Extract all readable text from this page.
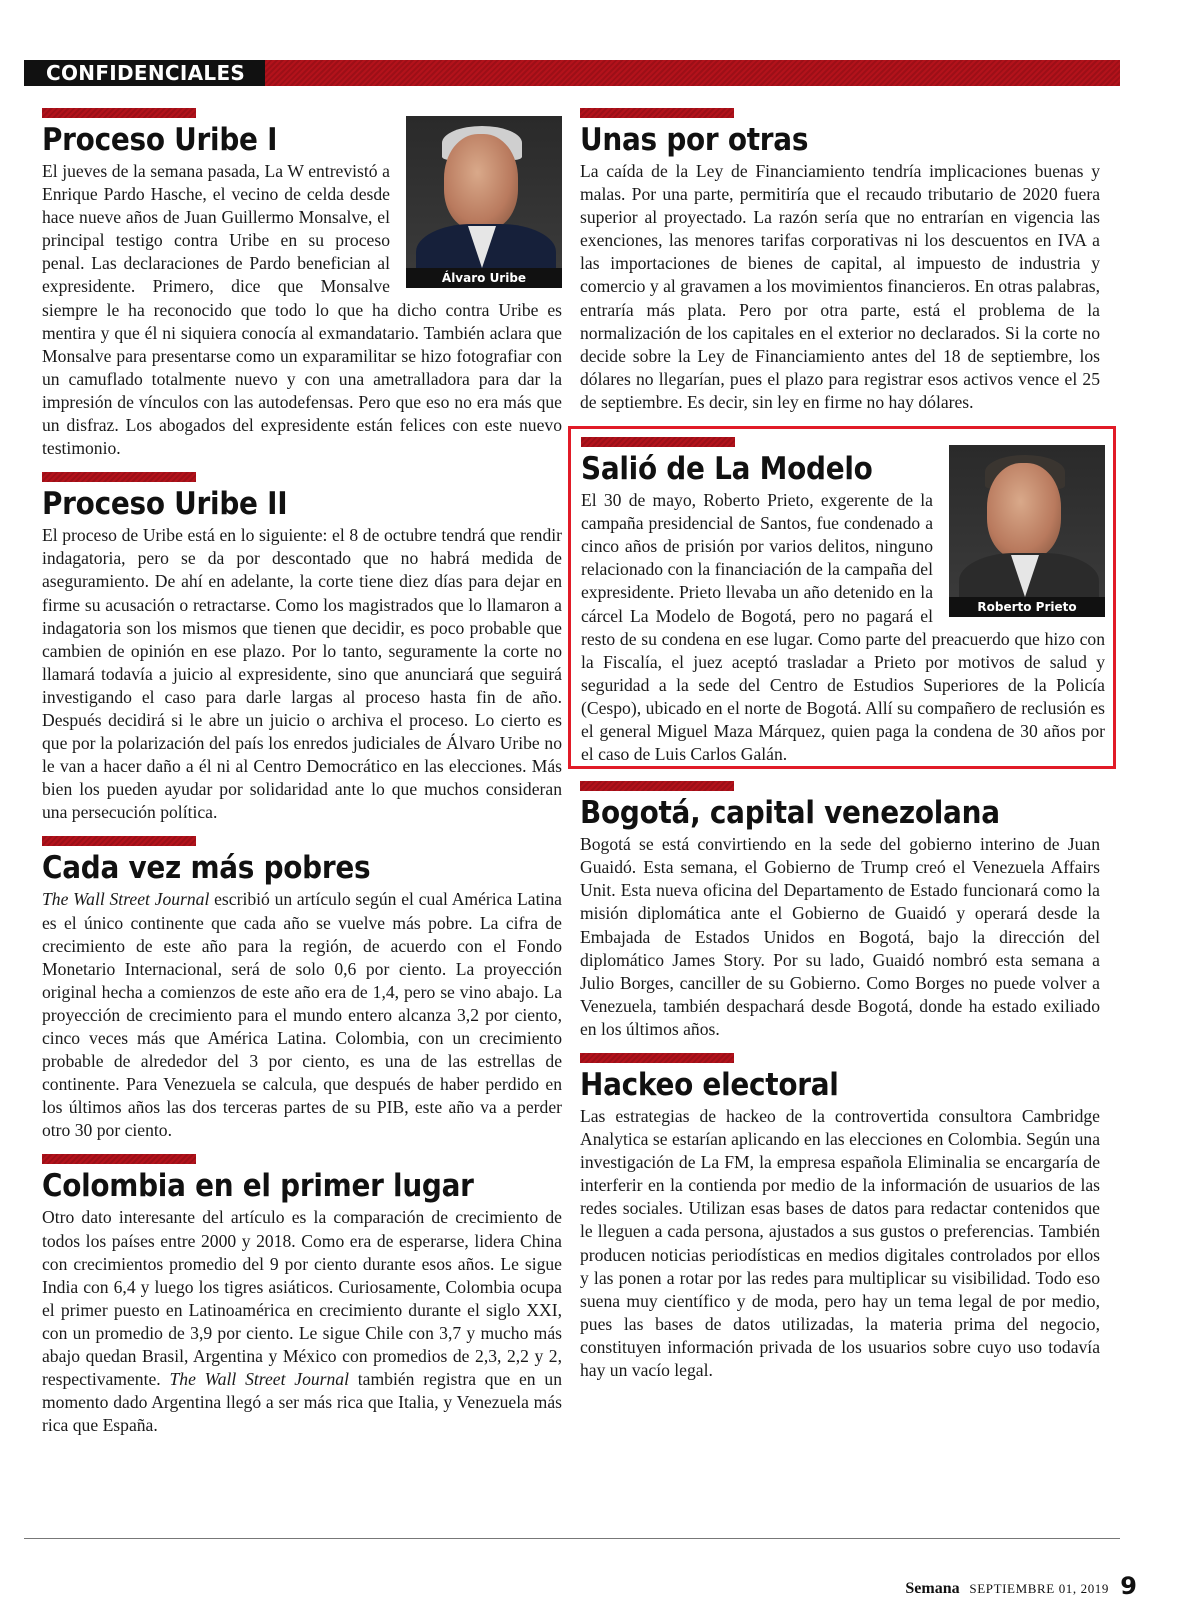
CONFIDENCIALES
Álvaro Uribe
Proceso Uribe I

El jueves de la semana pasada, La W entrevistó a Enrique Pardo Hasche, el vecino de celda desde hace nueve años de Juan Guillermo Monsalve, el principal testigo contra Uribe en su proceso penal. Las declaraciones de Pardo benefician al expresidente. Primero, dice que Monsalve siempre le ha reconocido que todo lo que ha dicho contra Uribe es mentira y que él ni siquiera conocía al exmandatario. También aclara que Monsalve para presentarse como un exparamilitar se hizo fotografiar con un camuflado totalmente nuevo y con una ametralladora para dar la impresión de vínculos con las autodefensas. Pero que eso no era más que un disfraz. Los abogados del expresidente están felices con este nuevo testimonio.

Proceso Uribe II

El proceso de Uribe está en lo siguiente: el 8 de octubre tendrá que rendir indagatoria, pero se da por descontado que no habrá medida de aseguramiento. De ahí en adelante, la corte tiene diez días para dejar en firme su acusación o retractarse. Como los magistrados que lo llamaron a indagatoria son los mismos que tienen que decidir, es poco probable que cambien de opinión en ese plazo. Por lo tanto, seguramente la corte no llamará todavía a juicio al expresidente, sino que anunciará que seguirá investigando el caso para darle largas al proceso hasta fin de año. Después decidirá si le abre un juicio o archiva el proceso. Lo cierto es que por la polarización del país los enredos judiciales de Álvaro Uribe no le van a hacer daño a él ni al Centro Democrático en las elecciones. Más bien los pueden ayudar por solidaridad ante lo que muchos consideran una persecución política.

Cada vez más pobres

The Wall Street Journal escribió un artículo según el cual América Latina es el único continente que cada año se vuelve más pobre. La cifra de crecimiento de este año para la región, de acuerdo con el Fondo Monetario Internacional, será de solo 0,6 por ciento. La proyección original hecha a comienzos de este año era de 1,4, pero se vino abajo. La proyección de crecimiento para el mundo entero alcanza 3,2 por ciento, cinco veces más que América Latina. Colombia, con un crecimiento probable de alrededor del 3 por ciento, es una de las estrellas de continente. Para Venezuela se calcula, que después de haber perdido en los últimos años las dos terceras partes de su PIB, este año va a perder otro 30 por ciento.

Colombia en el primer lugar

Otro dato interesante del artículo es la comparación de crecimiento de todos los países entre 2000 y 2018. Como era de esperarse, lidera China con crecimientos promedio del 9 por ciento durante esos años. Le sigue India con 6,4 y luego los tigres asiáticos. Curiosamente, Colombia ocupa el primer puesto en Latinoamérica en crecimiento durante el siglo XXI, con un promedio de 3,9 por ciento. Le sigue Chile con 3,7 y mucho más abajo quedan Brasil, Argentina y México con promedios de 2,3, 2,2 y 2, respectivamente. The Wall Street Journal también registra que en un momento dado Argentina llegó a ser más rica que Italia, y Venezuela más rica que España.

Unas por otras

La caída de la Ley de Financiamiento tendría implicaciones buenas y malas. Por una parte, permitiría que el recaudo tributario de 2020 fuera superior al proyectado. La razón sería que no entrarían en vigencia las exenciones, las menores tarifas corporativas ni los descuentos en IVA a las importaciones de bienes de capital, al impuesto de industria y comercio y al gravamen a los movimientos financieros. En otras palabras, entraría más plata. Pero por otra parte, está el problema de la normalización de los capitales en el exterior no declarados. Si la corte no decide sobre la Ley de Financiamiento antes del 18 de septiembre, los dólares no llegarían, pues el plazo para registrar esos activos vence el 25 de septiembre. Es decir, sin ley en firme no hay dólares.

Roberto Prieto
Salió de La Modelo

El 30 de mayo, Roberto Prieto, exgerente de la campaña presidencial de Santos, fue condenado a cinco años de prisión por varios delitos, ninguno relacionado con la financiación de la campaña del expresidente. Prieto llevaba un año detenido en la cárcel La Modelo de Bogotá, pero no pagará el resto de su condena en ese lugar. Como parte del preacuerdo que hizo con la Fiscalía, el juez aceptó trasladar a Prieto por motivos de salud y seguridad a la sede del Centro de Estudios Superiores de la Policía (Cespo), ubicado en el norte de Bogotá. Allí su compañero de reclusión es el general Miguel Maza Márquez, quien paga la condena de 30 años por el caso de Luis Carlos Galán.

Bogotá, capital venezolana

Bogotá se está convirtiendo en la sede del gobierno interino de Juan Guaidó. Esta semana, el Gobierno de Trump creó el Venezuela Affairs Unit. Esta nueva oficina del Departamento de Estado funcionará como la misión diplomática ante el Gobierno de Guaidó y operará desde la Embajada de Estados Unidos en Bogotá, bajo la dirección del diplomático James Story. Por su lado, Guaidó nombró esta semana a Julio Borges, canciller de su Gobierno. Como Borges no puede volver a Venezuela, también despachará desde Bogotá, donde ha estado exiliado en los últimos años.

Hackeo electoral

Las estrategias de hackeo de la controvertida consultora Cambridge Analytica se estarían aplicando en las elecciones en Colombia. Según una investigación de La FM, la empresa española Eliminalia se encargaría de interferir en la contienda por medio de la información de usuarios de las redes sociales. Utilizan esas bases de datos para redactar contenidos que le lleguen a cada persona, ajustados a sus gustos o preferencias. También producen noticias periodísticas en medios digitales controlados por ellos y las ponen a rotar por las redes para multiplicar su visibilidad. Todo eso suena muy científico y de moda, pero hay un tema legal de por medio, pues las bases de datos utilizadas, la materia prima del negocio, constituyen información privada de los usuarios sobre cuyo uso todavía hay un vacío legal.

Semana SEPTIEMBRE 01, 2019 9
